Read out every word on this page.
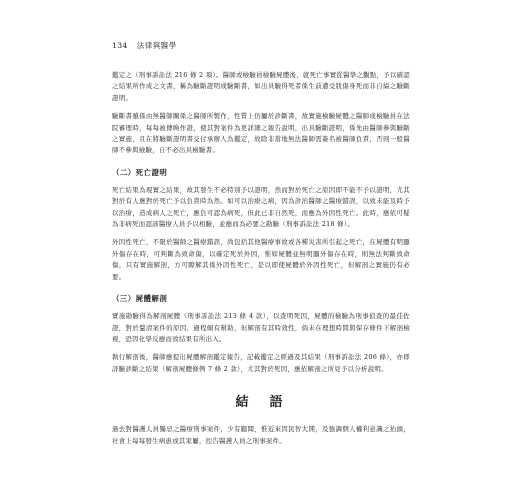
134 法律與醫學

鑑定之（刑事訴訟法 216 條 2 項）。醫師或檢驗員檢驗屍體後，就死亡事實從醫學之觀點，予以確認之結果所作成之文書，稱為驗斷證明或驗斷書，如出具驗得死者係生前遭受戕傷身死而非自縊之驗斷證明。

驗斷書雖係由無醫師關係之醫師所製作，性質上仍屬於診斷書，故實施檢驗屍體之醫師或檢驗員在法院審理時，每每被傳喚作證，使其對案件為更詳細之報告說明，出具驗斷證明，係先由醫師參與驗斷之實施，且在將驗斷證明書交付承辦人為鑑定，故除非當地無法醫師需簽名被醫師負責，否則一般醫師不參與檢驗，自不必出具檢驗書。

（二）死亡證明

死亡結果為現實之結果，故其發生不必特別予以證明，然而對於死亡之原因即不能不予以證明，尤其對於有人應對於死亡予以負責時為然。如可以治療之病，因為診治醫師之醫療錯誤，以致未能及時予以治療，造成病人之死亡，應負可認為病死，但此已非自然死，而應為外因性死亡。此時，應依可疑為非病死而認該醫療人員予以相驗，並應而為必要之勘驗（刑事訴訟法 218 條）。

外因性死亡，不限於醫師之醫療錯誤，尚包括其他醫療事故或各種災害所引起之死亡，在屍體有明顯外傷存在時，可判斷為致命傷，以確定死於外因，惟如屍體並無明顯外傷存在時，則無法判斷致命傷，只有實施解剖，方可瞭解其係外因性死亡，是以即使屍體於外因性死亡，但解剖之實施仍有必要。

（三）屍體解剖

實施勘驗得為解剖屍體（刑事訴訟法 213 條 4 款），以查明死因，屍體的檢驗為刑事偵查的最佳佐證，對於釐清案件的原因、過程頗有幫助，但解剖有其時效性，倘未在理想時間與保存條件下解剖檢視，恐因化學反應而致結果有所出入。

執行解剖後，醫師應提出屍體解剖鑑定報告，記載鑑定之經過及其結果（刑事訴訟法 206 條），亦即詳驗診斷之結果（解剖屍體條例 7 條 2 款），尤其對於死因，應依解剖之所見予以分析說明。

結　語

過去對醫護人員獨忌之醫療刑事案件，少有聽聞，惟近來因民智大開，及強調個人權利意識之抬頭，社會上每每發生病患或其家屬，控告醫護人員之刑事案件。
